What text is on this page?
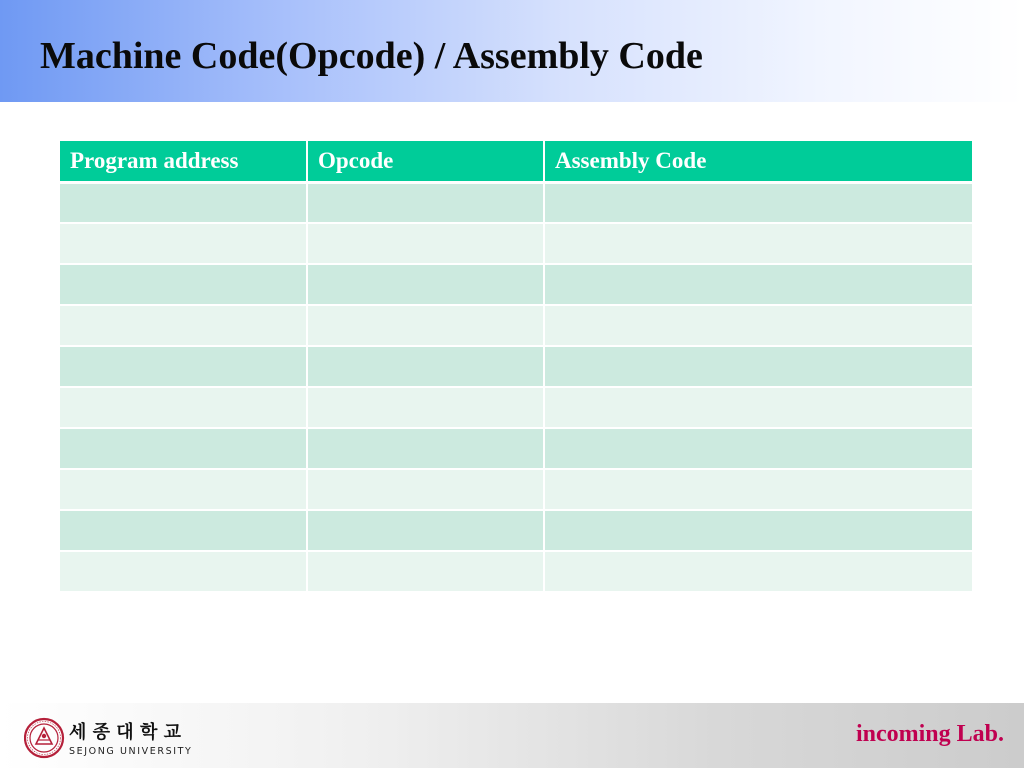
Machine Code(Opcode) / Assembly Code
Program address	Opcode	Assembly Code

세 종 대 학 교
SEJONG UNIVERSITY
incoming Lab.
